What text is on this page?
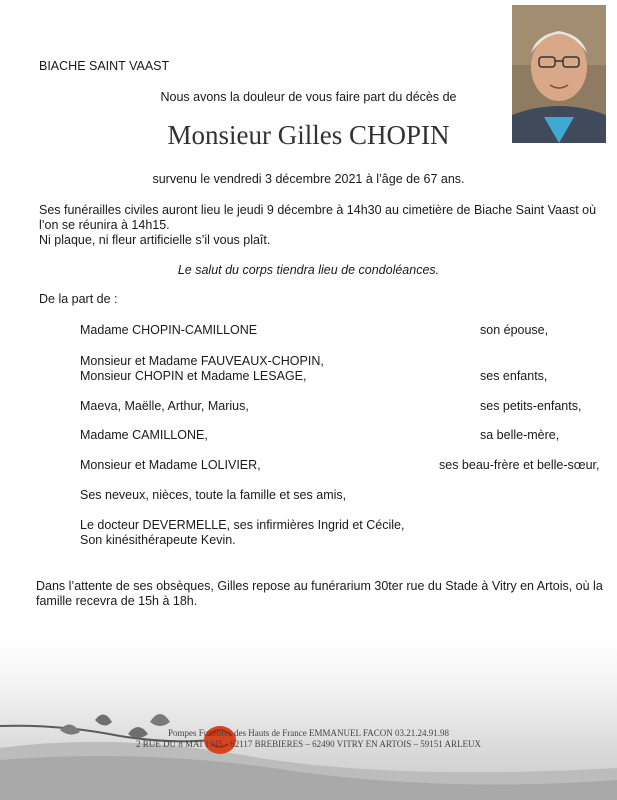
BIACHE SAINT VAAST
Nous avons la douleur de vous faire part du décès de
Monsieur Gilles CHOPIN
survenu le vendredi 3 décembre 2021 à l’âge de 67 ans.
Ses funérailles civiles auront lieu le jeudi 9 décembre à 14h30 au cimetière de Biache Saint Vaast où
l’on se réunira à 14h15.
Ni plaque, ni fleur artificielle s’il vous plaît.
Le salut du corps tiendra lieu de condoléances.
De la part de :
Madame CHOPIN-CAMILLONE	son épouse,
Monsieur et Madame FAUVEAUX-CHOPIN,
Monsieur CHOPIN et Madame LESAGE,	ses enfants,
Maeva, Maëlle, Arthur, Marius,	ses petits-enfants,
Madame CAMILLONE,	sa belle-mère,
Monsieur et Madame LOLIVIER,	ses beau-frère et belle-sœur,
Ses neveux, nièces, toute la famille et ses amis,
Le docteur DEVERMELLE, ses infirmières Ingrid et Cécile,
Son kinésithérapeute Kevin.
Dans l’attente de ses obsèques, Gilles repose au funérarium 30ter rue du Stade à Vitry en Artois, où la
famille recevra de 15h à 18h.
Pompes Funèbres des Hauts de France EMMANUEL FACON 03.21.24.91.98
2 RUE DU 8 MAI 1945 - 62117 BREBIERES – 62490 VITRY EN ARTOIS – 59151 ARLEUX
